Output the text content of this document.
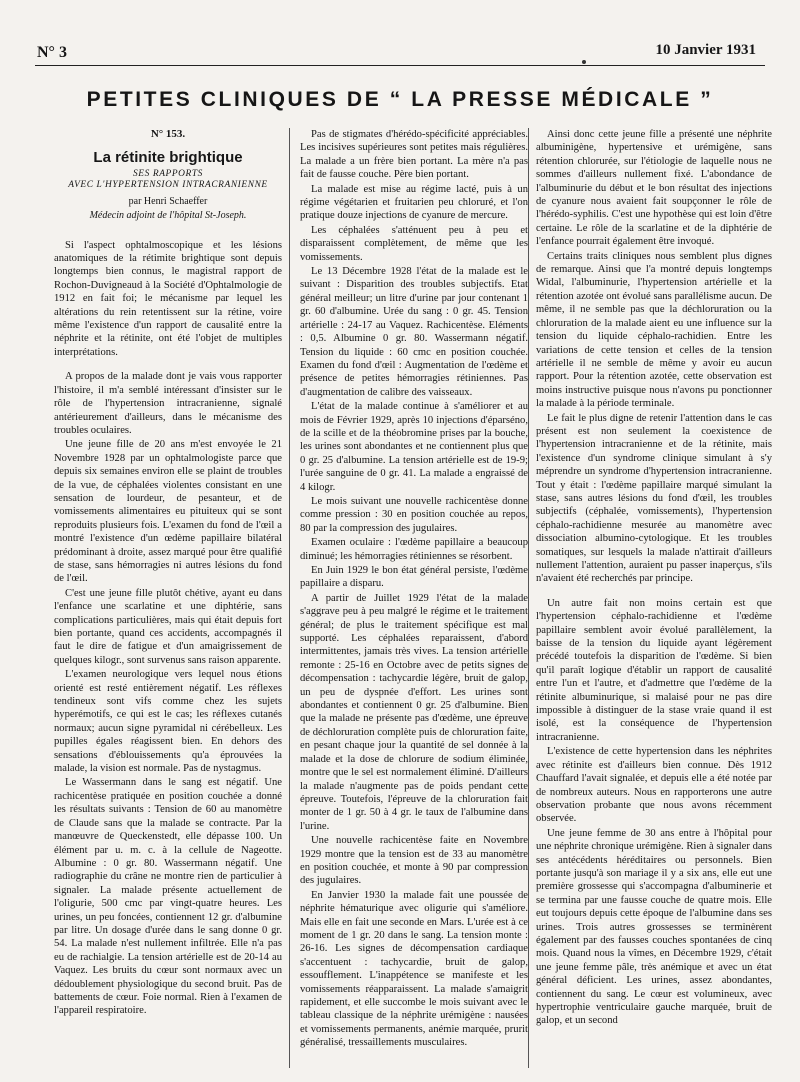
N° 3	10 Janvier 1931
PETITES CLINIQUES DE “ LA PRESSE MÉDICALE ”
N° 153.
La rétinite brightique
SES RAPPORTS
AVEC L'HYPERTENSION INTRACRANIENNE
par Henri Schaeffer
Médecin adjoint de l'hôpital St-Joseph.

Si l'aspect ophtalmoscopique et les lésions anatomiques de la rétimite brightique sont depuis longtemps bien connus, le magistral rapport de Rochon-Duvigneaud à la Société d'Ophtalmologie de 1912 en fait foi; le mécanisme par lequel les altérations du rein retentissent sur la rétine, voire même l'existence d'un rapport de causalité entre la néphrite et la rétinite, ont été l'objet de multiples interprétations.

A propos de la malade dont je vais vous rapporter l'histoire, il m'a semblé intéressant d'insister sur le rôle de l'hypertension intracranienne, signalé antérieurement d'ailleurs, dans le mécanisme des troubles oculaires.

Une jeune fille de 20 ans m'est envoyée le 21 Novembre 1928 par un ophtalmologiste parce que depuis six semaines environ elle se plaint de troubles de la vue, de céphalées violentes consistant en une sensation de lourdeur, de pesanteur, et de vomissements alimentaires eu pituiteux qui se sont reproduits plusieurs fois. L'examen du fond de l'œil a montré l'existence d'un œdème papillaire bilatéral prédominant à droite, assez marqué pour être qualifié de stase, sans hémorragies ni autres lésions du fond de l'œil.

C'est une jeune fille plutôt chétive, ayant eu dans l'enfance une scarlatine et une diphtérie, sans complications particulières, mais qui était depuis fort bien portante, quand ces accidents, accompagnés il faut le dire de fatigue et d'un amaigrissement de quelques kilogr., sont survenus sans raison apparente.

L'examen neurologique vers lequel nous étions orienté est resté entièrement négatif. Les réflexes tendineux sont vifs comme chez les sujets hyperémotifs, ce qui est le cas; les réflexes cutanés normaux; aucun signe pyramidal ni cérébelleux. Les pupilles égales réagissent bien. En dehors des sensations d'éblouissements qu'a éprouvées la malade, la vision est normale. Pas de nystagmus.

Le Wassermann dans le sang est négatif. Une rachicentèse pratiquée en position couchée a donné les résultats suivants : Tension de 60 au manomètre de Claude sans que la malade se contracte. Par la manœuvre de Queckenstedt, elle dépasse 100. Un élément par u. m. c. à la cellule de Nageotte. Albumine : 0 gr. 80. Wassermann négatif. Une radiographie du crâne ne montre rien de particulier à signaler. La malade présente actuellement de l'oligurie, 500 cmc par vingt-quatre heures. Les urines, un peu foncées, contiennent 12 gr. d'albumine par litre. Un dosage d'urée dans le sang donne 0 gr. 54. La malade n'est nullement infiltrée. Elle n'a pas eu de rachialgie. La tension artérielle est de 20-14 au Vaquez. Les bruits du cœur sont normaux avec un dédoublement physiologique du second bruit. Pas de battements de cœur. Foie normal. Rien à l'examen de l'appareil respiratoire.

Pas de stigmates d'hérédo-spécificité appréciables. Les incisives supérieures sont petites mais régulières. La malade a un frère bien portant. La mère n'a pas fait de fausse couche. Père bien portant.

La malade est mise au régime lacté, puis à un régime végétarien et fruitarien peu chloruré, et l'on pratique douze injections de cyanure de mercure.

Les céphalées s'atténuent peu à peu et disparaissent complètement, de même que les vomissements.

Le 13 Décembre 1928 l'état de la malade est le suivant : Disparition des troubles subjectifs. Etat général meilleur; un litre d'urine par jour contenant 1 gr. 60 d'albumine. Urée du sang : 0 gr. 45. Tension artérielle : 24-17 au Vaquez. Rachicentèse. Eléments : 0,5. Albumine 0 gr. 80. Wassermann négatif. Tension du liquide : 60 cmc en position couchée. Examen du fond d'œil : Augmentation de l'œdème et présence de petites hémorragies rétiniennes. Pas d'augmentation de calibre des vaisseaux.

L'état de la malade continue à s'améliorer et au mois de Février 1929, après 10 injections d'éparséno, de la scille et de la théobromine prises par la bouche, les urines sont abondantes et ne contiennent plus que 0 gr. 25 d'albumine. La tension artérielle est de 19-9; l'urée sanguine de 0 gr. 41. La malade a engraissé de 4 kilogr.

Le mois suivant une nouvelle rachicentèse donne comme pression : 30 en position couchée au repos, 80 par la compression des jugulaires.

Examen oculaire : l'œdème papillaire a beaucoup diminué; les hémorragies rétiniennes se résorbent.

En Juin 1929 le bon état général persiste, l'œdème papillaire a disparu.

A partir de Juillet 1929 l'état de la malade s'aggrave peu à peu malgré le régime et le traitement général; de plus le traitement spécifique est mal supporté. Les céphalées reparaissent, d'abord intermittentes, jamais très vives. La tension artérielle remonte : 25-16 en Octobre avec de petits signes de décompensation : tachycardie légère, bruit de galop, un peu de dyspnée d'effort. Les urines sont abondantes et contiennent 0 gr. 25 d'albumine. Bien que la malade ne présente pas d'œdème, une épreuve de déchloruration complète puis de chloruration faite, en pesant chaque jour la quantité de sel donnée à la malade et la dose de chlorure de sodium éliminée, montre que le sel est normalement éliminé. D'ailleurs la malade n'augmente pas de poids pendant cette épreuve. Toutefois, l'épreuve de la chloruration fait monter de 1 gr. 50 à 4 gr. le taux de l'albumine dans l'urine.

Une nouvelle rachicentèse faite en Novembre 1929 montre que la tension est de 33 au manomètre en position couchée, et monte à 90 par compression des jugulaires.

En Janvier 1930 la malade fait une poussée de néphrite hématurique avec oligurie qui s'améliore. Mais elle en fait une seconde en Mars. L'urée est à ce moment de 1 gr. 20 dans le sang. La tension monte : 26-16. Les signes de décompensation cardiaque s'accentuent : tachycardie, bruit de galop, essoufflement. L'inappétence se manifeste et les vomissements réapparaissent. La malade s'amaigrit rapidement, et elle succombe le mois suivant avec le tableau classique de la néphrite urémigène : nausées et vomissements permanents, anémie marquée, prurit généralisé, tressaillements musculaires.

Ainsi donc cette jeune fille a présenté une néphrite albuminigène, hypertensive et urémigène, sans rétention chlorurée, sur l'étiologie de laquelle nous ne sommes d'ailleurs nullement fixé. L'abondance de l'albuminurie du début et le bon résultat des injections de cyanure nous avaient fait soupçonner le rôle de l'hérédo-syphilis. C'est une hypothèse qui est loin d'être certaine. Le rôle de la scarlatine et de la diphtérie de l'enfance pourrait également être invoqué.

Certains traits cliniques nous semblent plus dignes de remarque. Ainsi que l'a montré depuis longtemps Widal, l'albuminurie, l'hypertension artérielle et la rétention azotée ont évolué sans parallélisme aucun. De même, il ne semble pas que la déchloruration ou la chloruration de la malade aient eu une influence sur la tension du liquide céphalo-rachidien. Entre les variations de cette tension et celles de la tension artérielle il ne semble de même y avoir eu aucun rapport. Pour la rétention azotée, cette observation est moins instructive puisque nous n'avons pu ponctionner la malade à la période terminale.

Le fait le plus digne de retenir l'attention dans le cas présent est non seulement la coexistence de l'hypertension intracranienne et de la rétinite, mais l'existence d'un syndrome clinique simulant à s'y méprendre un syndrome d'hypertension intracranienne. Tout y était : l'œdème papillaire marqué simulant la stase, sans autres lésions du fond d'œil, les troubles subjectifs (céphalée, vomissements), l'hypertension céphalo-rachidienne mesurée au manomètre avec dissociation albumino-cytologique. Et les troubles somatiques, sur lesquels la malade n'attirait d'ailleurs nullement l'attention, auraient pu passer inaperçus, s'ils n'avaient été recherchés par principe.

Un autre fait non moins certain est que l'hypertension céphalo-rachidienne et l'œdème papillaire semblent avoir évolué parallèlement, la baisse de la tension du liquide ayant légèrement précédé toutefois la disparition de l'œdème. Si bien qu'il paraît logique d'établir un rapport de causalité entre l'un et l'autre, et d'admettre que l'œdème de la rétinite albuminurique, si malaisé pour ne pas dire impossible à distinguer de la stase vraie quand il est isolé, est la conséquence de l'hypertension intracranienne.

L'existence de cette hypertension dans les néphrites avec rétinite est d'ailleurs bien connue. Dès 1912 Chauffard l'avait signalée, et depuis elle a été notée par de nombreux auteurs. Nous en rapporterons une autre observation probante que nous avons récemment observée.

Une jeune femme de 30 ans entre à l'hôpital pour une néphrite chronique urémigène. Rien à signaler dans ses antécédents héréditaires ou personnels. Bien portante jusqu'à son mariage il y a six ans, elle eut une première grossesse qui s'accompagna d'albuminerie et se termina par une fausse couche de quatre mois. Elle eut toujours depuis cette époque de l'albumine dans ses urines. Trois autres grossesses se terminèrent également par des fausses couches spontanées de cinq mois. Quand nous la vîmes, en Décembre 1929, c'était une jeune femme pâle, très anémique et avec un état général déficient. Les urines, assez abondantes, contiennent du sang. Le cœur est volumineux, avec hypertrophie ventriculaire gauche marquée, bruit de galop, et un second
